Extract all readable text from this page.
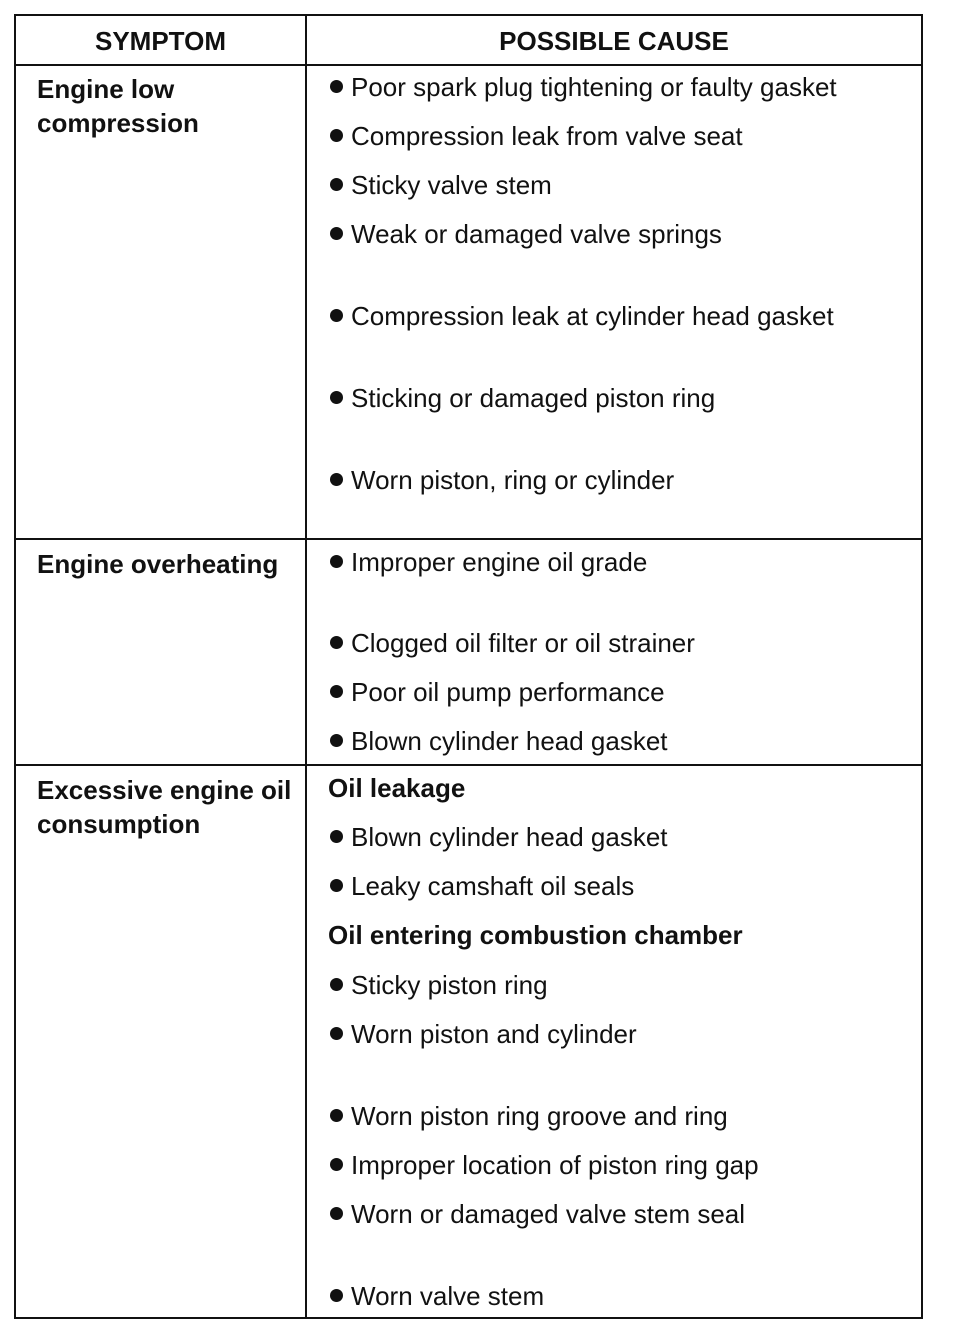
SYMPTOM	POSSIBLE CAUSE
Engine low compression
Poor spark plug tightening or faulty gasket
Compression leak from valve seat
Sticky valve stem
Weak or damaged valve springs
Compression leak at cylinder head gasket
Sticking or damaged piston ring
Worn piston, ring or cylinder
Engine overheating	Improper engine oil grade
Clogged oil filter or oil strainer
Poor oil pump performance
Blown cylinder head gasket
Excessive engine oil consumption
Oil leakage
Blown cylinder head gasket
Leaky camshaft oil seals
Oil entering combustion chamber
Sticky piston ring
Worn piston and cylinder
Worn piston ring groove and ring
Improper location of piston ring gap
Worn or damaged valve stem seal
Worn valve stem
